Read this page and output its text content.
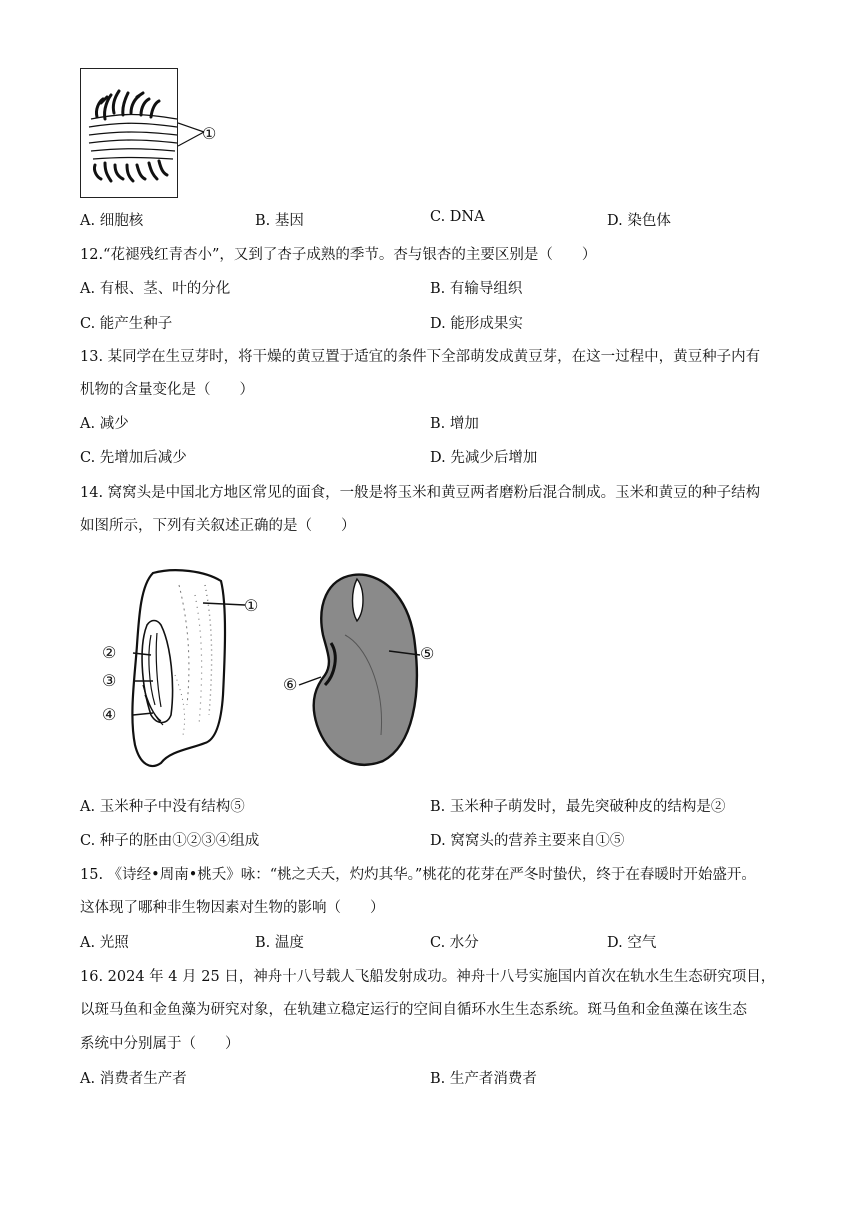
①
A. 细胞核	B. 基因	C. DNA	D. 染色体
12.“花褪残红青杏小”，又到了杏子成熟的季节。杏与银杏的主要区别是（　　）
A. 有根、茎、叶的分化	B. 有输导组织
C. 能产生种子	D. 能形成果实
13. 某同学在生豆芽时，将干燥的黄豆置于适宜的条件下全部萌发成黄豆芽，在这一过程中，黄豆种子内有
机物的含量变化是（　　）
A. 减少	B. 增加
C. 先增加后减少	D. 先减少后增加
14. 窝窝头是中国北方地区常见的面食，一般是将玉米和黄豆两者磨粉后混合制成。玉米和黄豆的种子结构
如图所示，下列有关叙述正确的是（　　）
①
②
③
④
⑤
⑥
A. 玉米种子中没有结构⑤	B. 玉米种子萌发时，最先突破种皮的结构是②
C. 种子的胚由①②③④组成	D. 窝窝头的营养主要来自①⑤
15. 《诗经•周南•桃夭》咏：“桃之夭夭，灼灼其华。”桃花的花芽在严冬时蛰伏，终于在春暖时开始盛开。
这体现了哪种非生物因素对生物的影响（　　）
A. 光照	B. 温度	C. 水分	D. 空气
16. 2024 年 4 月 25 日，神舟十八号载人飞船发射成功。神舟十八号实施国内首次在轨水生生态研究项目，
以斑马鱼和金鱼藻为研究对象，在轨建立稳定运行的空间自循环水生生态系统。斑马鱼和金鱼藻在该生态
系统中分别属于（　　）
A. 消费者生产者	B. 生产者消费者
